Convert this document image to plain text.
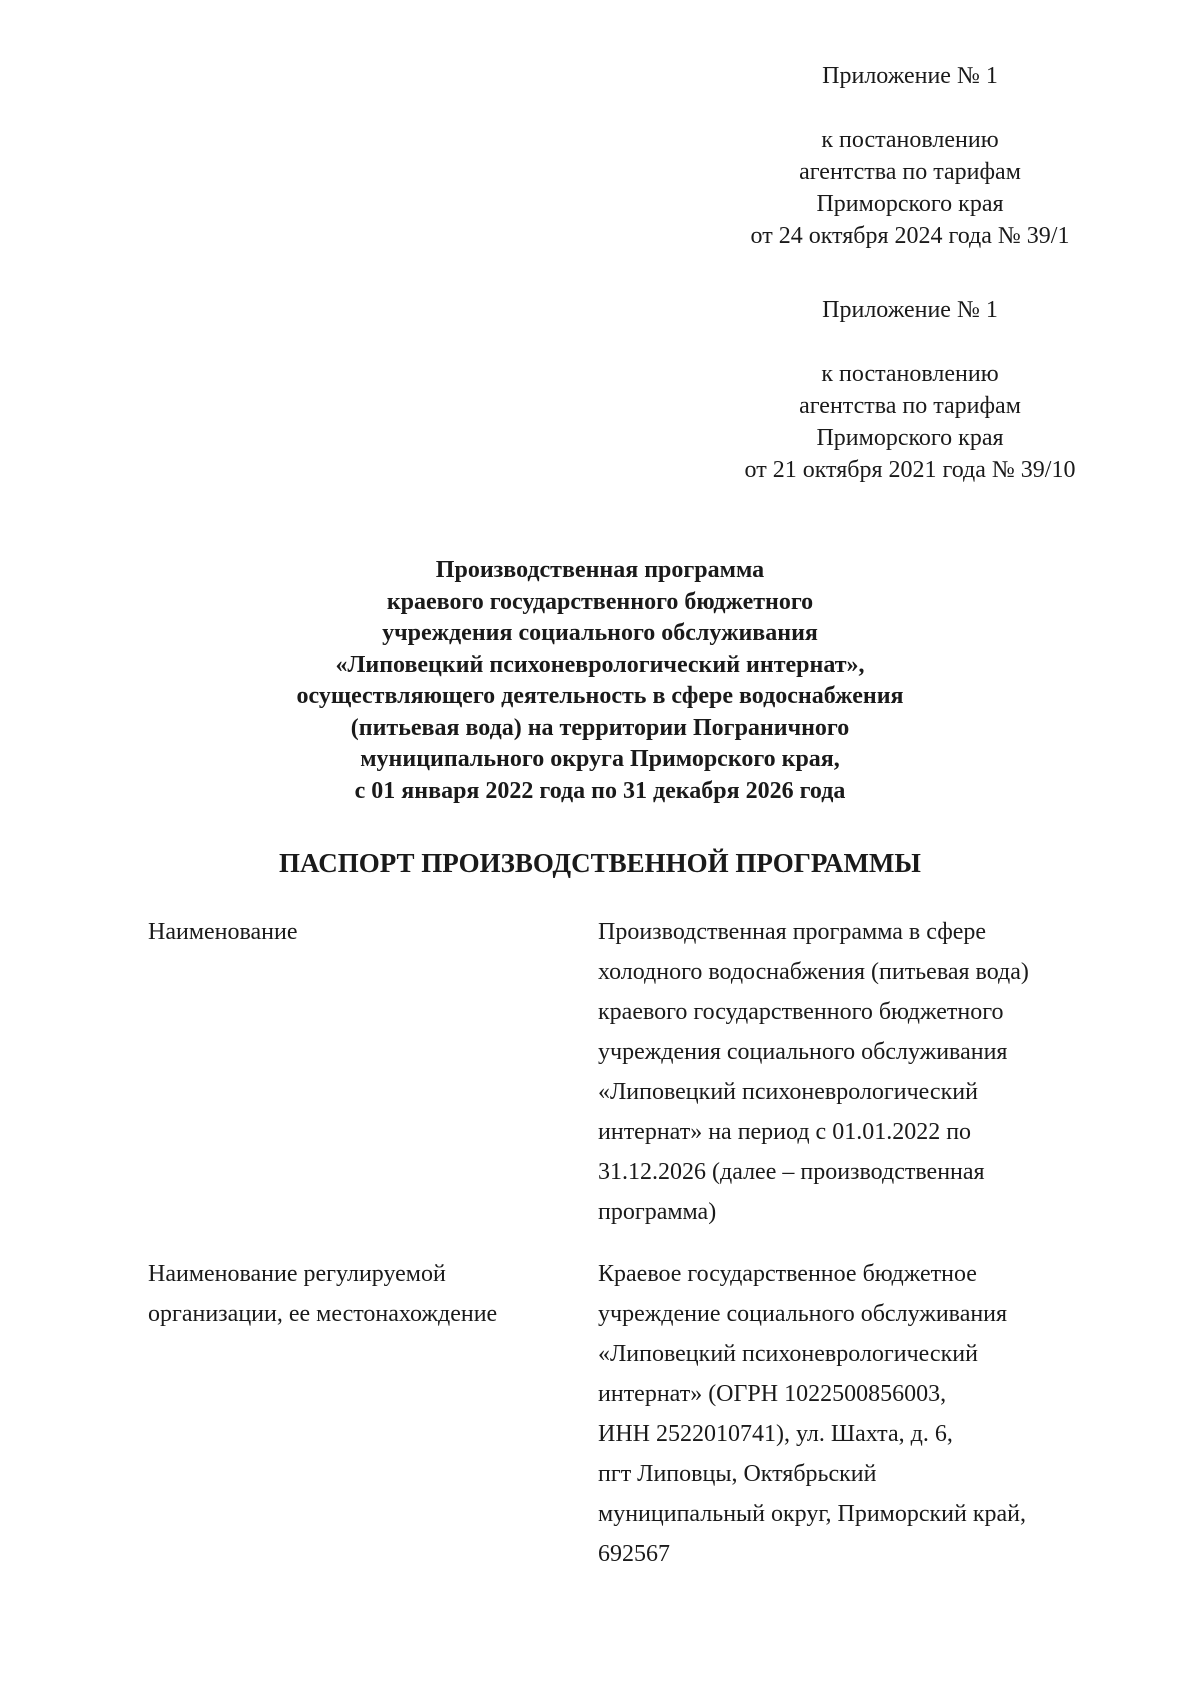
Приложение № 1
к постановлению
агентства по тарифам
Приморского края
от 24 октября 2024 года № 39/1
Приложение № 1
к постановлению
агентства по тарифам
Приморского края
от 21 октября 2021 года № 39/10
Производственная программа
краевого государственного бюджетного
учреждения социального обслуживания
«Липовецкий психоневрологический интернат»,
осуществляющего деятельность в сфере водоснабжения
(питьевая вода) на территории Пограничного
муниципального округа Приморского края,
с 01 января 2022 года по 31 декабря 2026 года
ПАСПОРТ ПРОИЗВОДСТВЕННОЙ ПРОГРАММЫ
Наименование	Производственная программа в сфере
холодного водоснабжения (питьевая вода)
краевого государственного бюджетного
учреждения социального обслуживания
«Липовецкий психоневрологический
интернат» на период с 01.01.2022 по
31.12.2026 (далее – производственная
программа)
Наименование регулируемой
организации, ее местонахождение
Краевое государственное бюджетное
учреждение социального обслуживания
«Липовецкий психоневрологический
интернат» (ОГРН 1022500856003,
ИНН 2522010741), ул. Шахта, д. 6,
пгт Липовцы, Октябрьский
муниципальный округ, Приморский край,
692567
